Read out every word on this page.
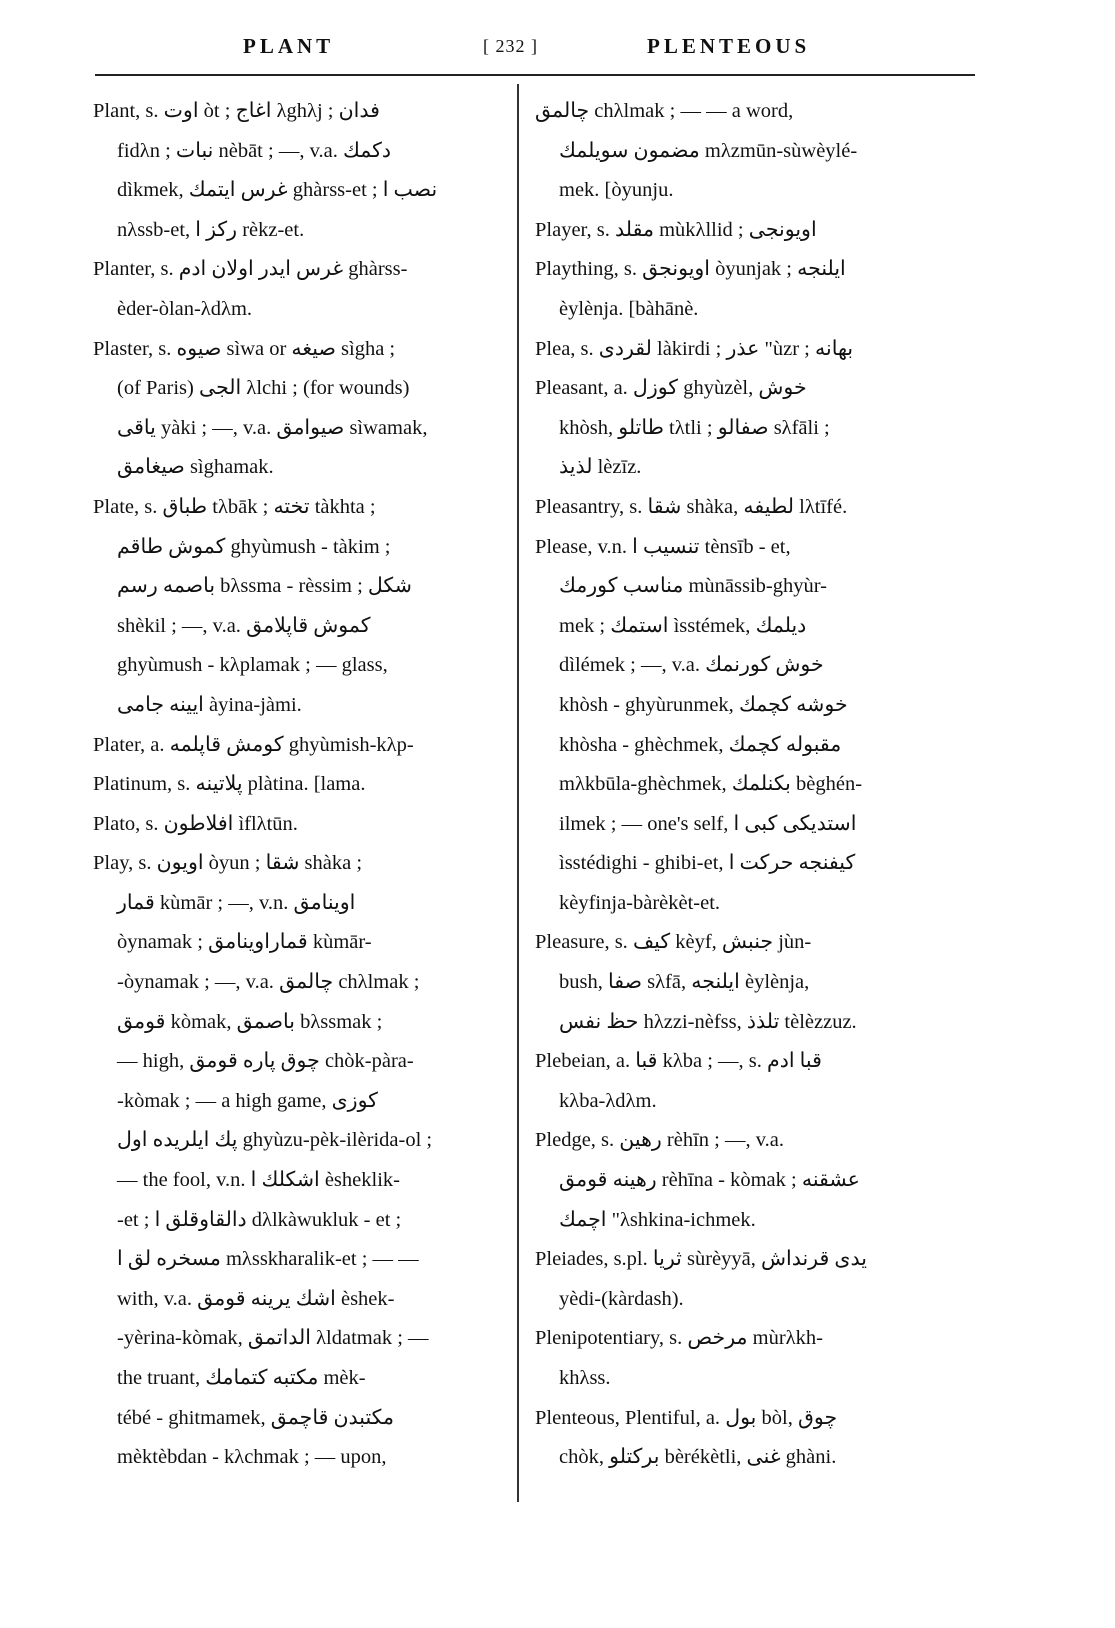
PLANT	[ 232 ]	PLENTEOUS
Plant, s. اوت òt ; اغاج λghλj ; فدان
fidλn ; نبات nèbāt ; —, v.a. دكمك
dìkmek, غرس ايتمك ghàrss-et ; نصب ا
nλssb-et, ركز ا rèkz-et.
Planter, s. غرس ايدر اولان ادم ghàrss-
èder-òlan-λdλm.
Plaster, s. صيوه sìwa or صيغه sìgha ;
(of Paris) الجى λlchi ; (for wounds)
ياقى yàki ; —, v.a. صيوامق sìwamak,
صيغامق sìghamak.
Plate, s. طباق tλbāk ; تخته tàkhta ;
كموش طاقم ghyùmush - tàkim ;
باصمه رسم bλssma - rèssim ; شكل
shèkil ; —, v.a. كموش قاپلامق
ghyùmush - kλplamak ; — glass,
ايينه جامى àyina-jàmi.
Plater, a. كومش قاپلمه ghyùmish-kλp-
Platinum, s. پلاتينه plàtina. [lama.
Plato, s. افلاطون ìflλtūn.
Play, s. اويون òyun ; شقا shàka ;
قمار kùmār ; —, v.n. اوينامق
òynamak ; قماراوينامق kùmār-
-òynamak ; —, v.a. چالمق chλlmak ;
قومق kòmak, باصمق bλssmak ;
— high, چوق پاره قومق chòk-pàra-
-kòmak ; — a high game, كوزى
پك ايلريده اول ghyùzu-pèk-ilèrida-ol ;
— the fool, v.n. اشكلك ا èsheklik-
-et ; دالقاوقلق ا dλlkàwukluk - et ;
مسخره لق ا mλsskharalik-et ; — —
with, v.a. اشك يرينه قومق èshek-
-yèrina-kòmak, الداتمق λldatmak ; —
the truant, مكتبه كتمامك mèk-
tébé - ghitmamek, مكتبدن قاچمق
mèktèbdan - kλchmak ; — upon,
چالمق chλlmak ; — — a word,
مضمون سويلمك mλzmūn-sùwèylé-
mek. [òyunju.
Player, s. مقلد mùkλllid ; اويونجى
Plaything, s. اويونجق òyunjak ; ايلنجه
èylènja. [bàhānè.
Plea, s. لقردى làkirdi ; عذر "ùzr ; بهانه
Pleasant, a. كوزل ghyùzèl, خوش
khòsh, طاتلو tλtli ; صفالو sλfāli ;
لذيذ lèzīz.
Pleasantry, s. شقا shàka, لطيفه lλtīfé.
Please, v.n. تنسيب ا tènsīb - et,
مناسب كورمك mùnāssib-ghyùr-
mek ; استمك ìsstémek, ديلمك
dìlémek ; —, v.a. خوش كورنمك
khòsh - ghyùrunmek, خوشه كچمك
khòsha - ghèchmek, مقبوله كچمك
mλkbūla-ghèchmek, بكنلمك bèghén-
ilmek ; — one's self, استديكى كبى ا
ìsstédighi - ghibi-et, كيفنجه حركت ا
kèyfinja-bàrèkèt-et.
Pleasure, s. كيف kèyf, جنبش jùn-
bush, صفا sλfā, ايلنجه èylènja,
حظ نفس hλzzi-nèfss, تلذذ tèlèzzuz.
Plebeian, a. قبا kλba ; —, s. قبا ادم
kλba-λdλm.
Pledge, s. رهين rèhīn ; —, v.a.
رهينه قومق rèhīna - kòmak ; عشقنه
اچمك "λshkina-ichmek.
Pleiades, s.pl. ثريا sùrèyyā, يدى قرنداش
yèdi-(kàrdash).
Plenipotentiary, s. مرخص mùrλkh-
khλss.
Plenteous, Plentiful, a. بول bòl, چوق
chòk, بركتلو bèrékètli, غنى ghàni.
